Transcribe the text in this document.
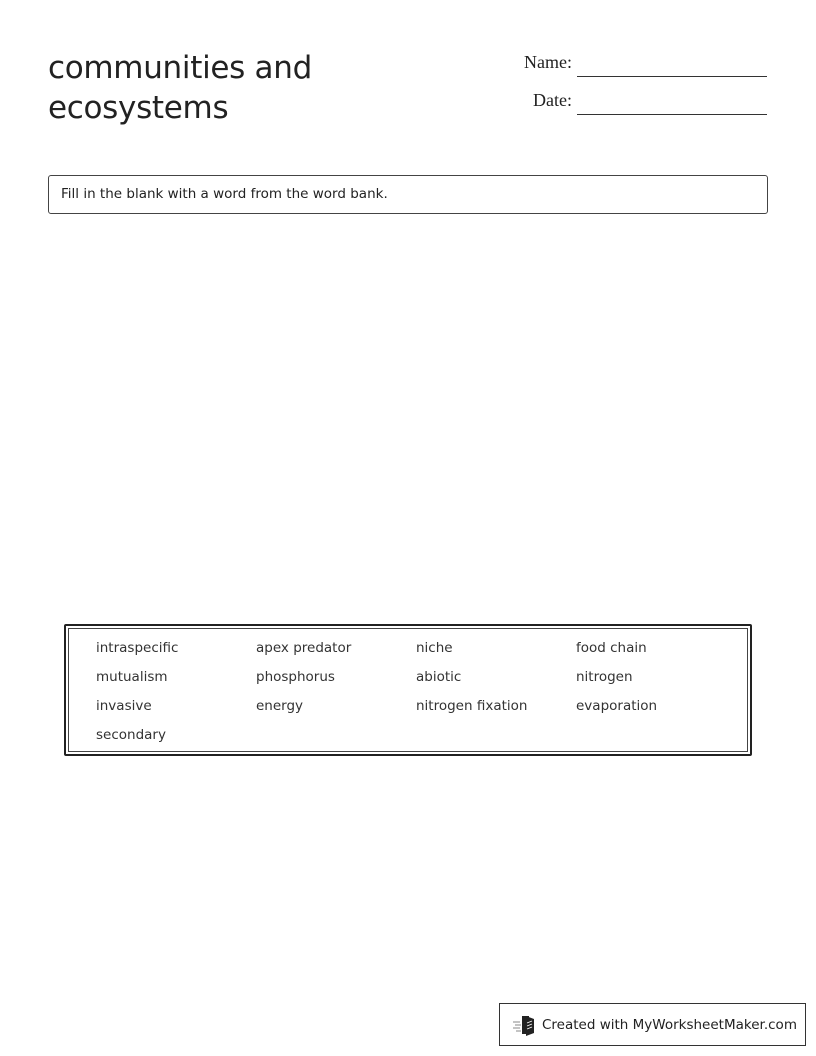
communities and ecosystems
Name:
Date:
Fill in the blank with a word from the word bank.
intraspecific	apex predator	niche	food chain
mutualism	phosphorus	abiotic	nitrogen
invasive	energy	nitrogen fixation	evaporation
secondary
Created with MyWorksheetMaker.com
